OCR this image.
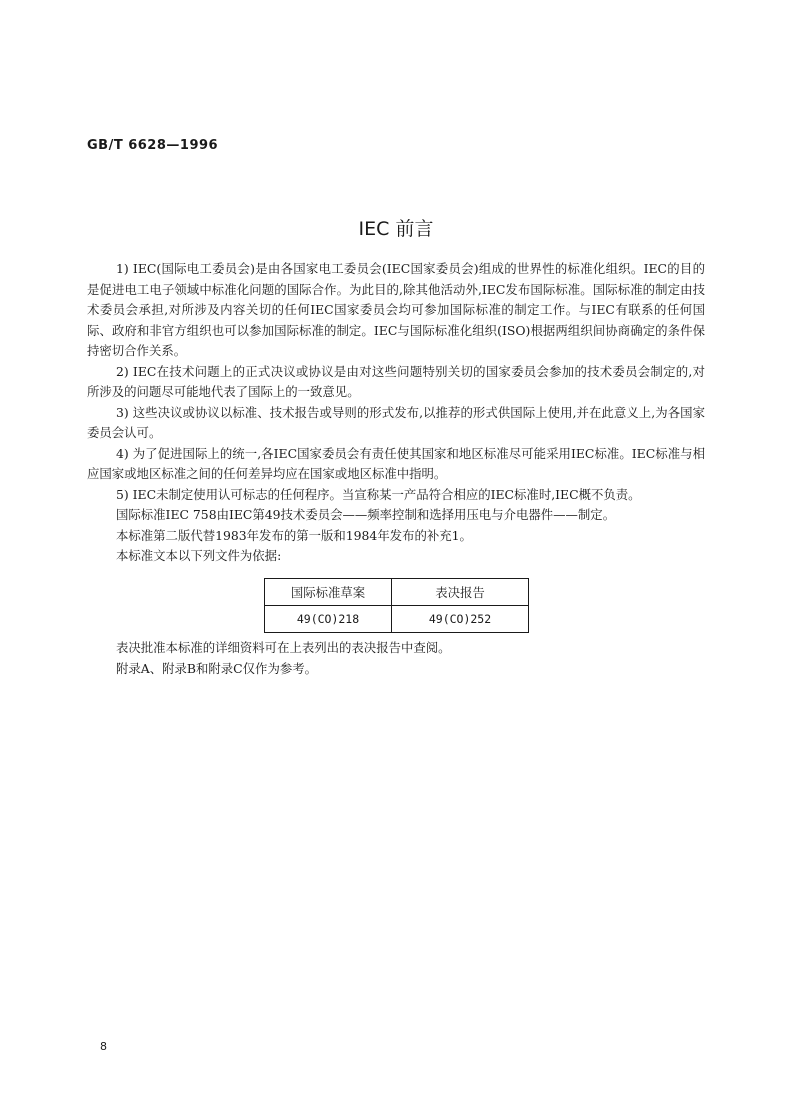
GB/T 6628—1996
IEC 前言

1) IEC(国际电工委员会)是由各国家电工委员会(IEC国家委员会)组成的世界性的标准化组织。IEC的目的是促进电工电子领域中标准化问题的国际合作。为此目的,除其他活动外,IEC发布国际标准。国际标准的制定由技术委员会承担,对所涉及内容关切的任何IEC国家委员会均可参加国际标准的制定工作。与IEC有联系的任何国际、政府和非官方组织也可以参加国际标准的制定。IEC与国际标准化组织(ISO)根据两组织间协商确定的条件保持密切合作关系。

2) IEC在技术问题上的正式决议或协议是由对这些问题特别关切的国家委员会参加的技术委员会制定的,对所涉及的问题尽可能地代表了国际上的一致意见。

3) 这些决议或协议以标准、技术报告或导则的形式发布,以推荐的形式供国际上使用,并在此意义上,为各国家委员会认可。

4) 为了促进国际上的统一,各IEC国家委员会有责任使其国家和地区标准尽可能采用IEC标准。IEC标准与相应国家或地区标准之间的任何差异均应在国家或地区标准中指明。

5) IEC未制定使用认可标志的任何程序。当宣称某一产品符合相应的IEC标准时,IEC概不负责。

国际标准IEC 758由IEC第49技术委员会——频率控制和选择用压电与介电器件——制定。

本标准第二版代替1983年发布的第一版和1984年发布的补充1。

本标准文本以下列文件为依据:

国际标准草案	表决报告
49(CO)218	49(CO)252

表决批准本标准的详细资料可在上表列出的表决报告中查阅。

附录A、附录B和附录C仅作为参考。

8
